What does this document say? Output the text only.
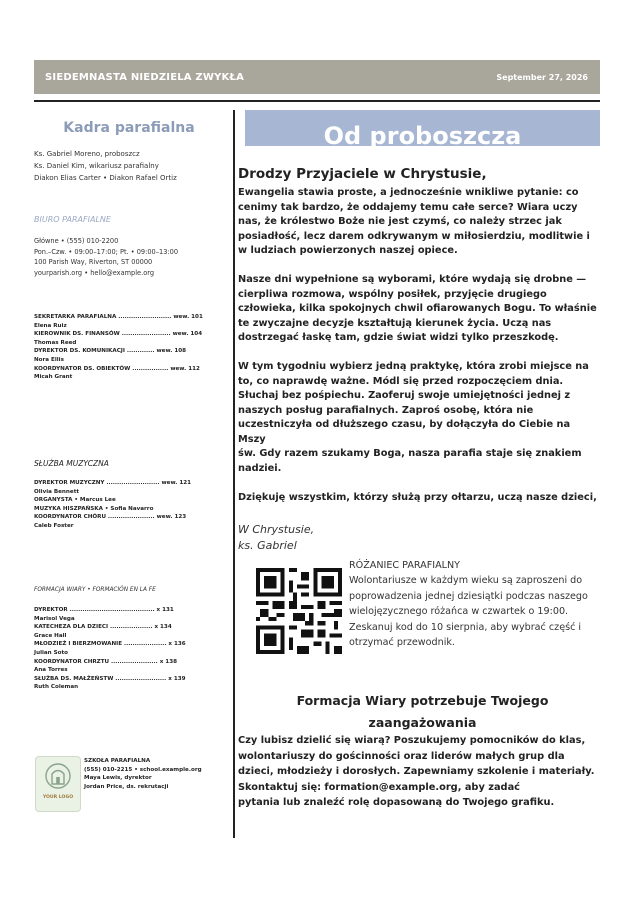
SIEDEMNASTA NIEDZIELA ZWYKŁA	September 27, 2026
Kadra parafialna
Ks. Gabriel Moreno, proboszcz
Ks. Daniel Kim, wikariusz parafialny
Diakon Elias Carter • Diakon Rafael Ortiz
BIURO PARAFIALNE
Główne • (555) 010-2200
Pon.–Czw. • 09:00–17:00; Pt. • 09:00–13:00
100 Parish Way, Riverton, ST 00000
yourparish.org • hello@example.org
SEKRETARKA PARAFIALNA ......................... wew. 101
Elena Ruiz
KIEROWNIK DS. FINANSÓW ....................... wew. 104
Thomas Reed
DYREKTOR DS. KOMUNIKACJI ............. wew. 108
Nora Ellis
KOORDYNATOR DS. OBIEKTÓW ................. wew. 112
Micah Grant
SŁUŻBA MUZYCZNA
DYREKTOR MUZYCZNY ......................... wew. 121
Olivia Bennett
ORGANYSTA • Marcus Lee
MUZYKA HISZPAŃSKA • Sofia Navarro
KOORDYNATOR CHÓRU ...................... wew. 123
Caleb Foster
FORMACJA WIARY • FORMACIÓN EN LA FE
DYREKTOR ........................................ x 131
Marisol Vega
KATECHEZA DLA DZIECI .................... x 134
Grace Hall
MŁODZIEŻ I BIERZMOWANIE .................... x 136
Julian Soto
KOORDYNATOR CHRZTU ...................... x 138
Ana Torres
SŁUŻBA DS. MAŁŻEŃSTW ........................ x 139
Ruth Coleman
YOUR LOGO
SZKOŁA PARAFIALNA
(555) 010-2215 • school.example.org
Maya Lewis, dyrektor
Jordan Price, ds. rekrutacji
Od proboszcza
Drodzy Przyjaciele w Chrystusie,

Ewangelia stawia proste, a jednocześnie wnikliwe pytanie: co cenimy tak bardzo, że oddajemy temu całe serce? Wiara uczy nas, że królestwo Boże nie jest czymś, co należy strzec jak posiadłość, lecz darem odkrywanym w miłosierdziu, modlitwie i w ludziach powierzonych naszej opiece.

Nasze dni wypełnione są wyborami, które wydają się drobne — cierpliwa rozmowa, wspólny posiłek, przyjęcie drugiego człowieka, kilka spokojnych chwil ofiarowanych Bogu. To właśnie
te zwyczajne decyzje kształtują kierunek życia. Uczą nas dostrzegać łaskę tam, gdzie świat widzi tylko przeszkodę.

W tym tygodniu wybierz jedną praktykę, która zrobi miejsce na to, co naprawdę ważne. Módl się przed rozpoczęciem dnia. Słuchaj bez pośpiechu. Zaoferuj swoje umiejętności jednej z naszych posług parafialnych. Zaproś osobę, która nie uczestniczyła od dłuższego czasu, by dołączyła do Ciebie na Mszy
św. Gdy razem szukamy Boga, nasza parafia staje się znakiem nadziei.

Dziękuję wszystkim, którzy służą przy ołtarzu, uczą nasze dzieci,

W Chrystusie,
ks. Gabriel
RÓŻANIEC PARAFIALNY
Wolontariusze w każdym wieku są zaproszeni do poprowadzenia jednej dziesiątki podczas naszego wielojęzycznego różańca w czwartek o 19:00. Zeskanuj kod do 10 sierpnia, aby wybrać część i otrzymać przewodnik.
Formacja Wiary potrzebuje Twojego zaangażowania
Czy lubisz dzielić się wiarą? Poszukujemy pomocników do klas, wolontariuszy do gościnności oraz liderów małych grup dla dzieci, młodzieży i dorosłych. Zapewniamy szkolenie i materiały. Skontaktuj się: formation@example.org, aby zadać
pytania lub znaleźć rolę dopasowaną do Twojego grafiku.
